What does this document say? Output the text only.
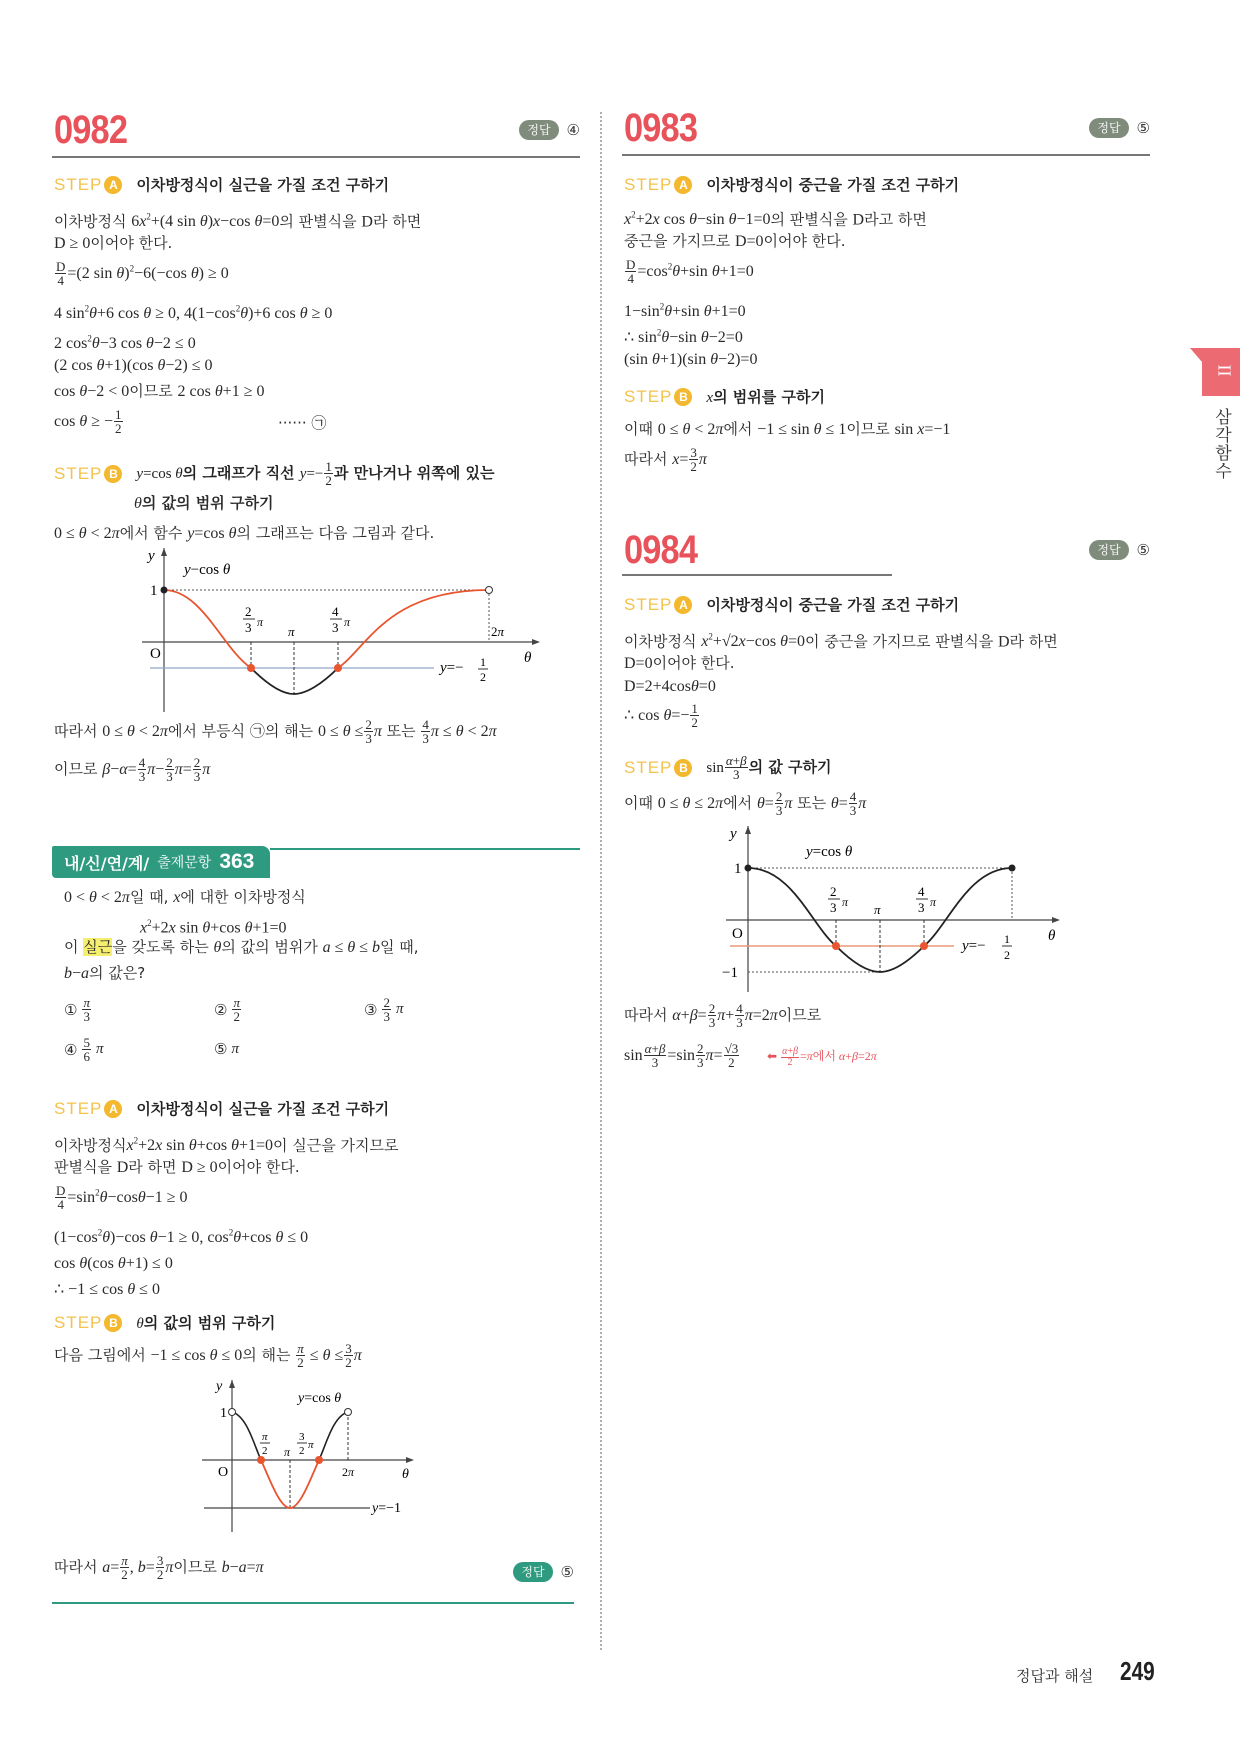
0982	정답	④
STEP A	이차방정식이 실근을 가질 조건 구하기
이차방정식 $6x^2+(4$ sin θ)x−cos θ=0의 판별식을 D라 하면
D ≥ 0이어야 한다.
$\frac{D}{4} =(2$ sin θ)$^2$−6(−cos θ) ≥ 0
4 $\sin^2\theta+6$ cos θ ≥ 0, $4(1-\cos^2\theta)+6$ cos θ ≥ 0
2 $\cos^2\theta-3$ cos θ−2 ≤ 0
(2 cos θ+1)(cos θ−2) ≤ 0
cos θ−2 < 0이므로 2 cos θ+1 ≥ 0
cos θ ≥ − $\frac{1}{2}$	······ ㉠
STEP B	y=cos θ의 그래프가 직선 $y=- \frac{1}{2}$ 과 만나거나 위쪽에 있는
θ의 값의 범위 구하기
0 ≤ θ < 2π에서 함수 y=cos θ의 그래프는 다음 그림과 같다.
y
y−cos θ
1
O	θ
2
3 π
π
4
3 π
2π
y=− 1
2
따라서 0 ≤ θ < 2π에서 부등식 ㉠의 해는 $0 \le \theta \le \frac{2}{3}$ π 또는 $\frac{4}{3}$ π ≤ θ < 2π
이므로 $\beta-\alpha= \frac{4}{3} \pi- \frac{2}{3} \pi= \frac{2}{3}$ π
내/신/연/계/ 출제문항 363
0 < θ < 2π일 때, x에 대한 이차방정식
$x^2+2x$ sin θ+cos θ+1=0
이 실근을 갖도록 하는 θ의 값의 범위가 a ≤ θ ≤ b일 때,
b−a의 값은?
① $\frac{\pi}{3}$	② $\frac{\pi}{2}$	③ $\frac{2}{3}$ π
④ $\frac{5}{6}$ π	⑤ π
STEP A	이차방정식이 실근을 가질 조건 구하기
이차방정식$x^2+2x$ sin θ+cos θ+1=0이 실근을 가지므로
판별식을 D라 하면 D ≥ 0이어야 한다.
$\frac{D}{4} =\sin^2\theta-\cos\theta-1 \ge 0$
$(1-\cos^2\theta)-\cos$ θ−1 ≥ 0, $\cos^2\theta+\cos$ θ ≤ 0
cos θ(cos θ+1) ≤ 0
∴ −1 ≤ cos θ ≤ 0
STEP B	θ의 값의 범위 구하기
다음 그림에서 −1 ≤ cos θ ≤ 0의 해는 $\frac{\pi}{2} \le \theta \le \frac{3}{2}$ π
y
y=cos θ
1
O	θ
π
2 π
3
2 π
2π
y=−1
따라서 $a= \frac{\pi}{2}$ , $b= \frac{3}{2}$ π이므로 b−a=π	정답	⑤
0983	정답	⑤
STEP A	이차방정식이 중근을 가질 조건 구하기
$x^2+2x$ cos θ−sin θ−1=0의 판별식을 D라고 하면
중근을 가지므로 D=0이어야 한다.
$\frac{D}{4} =\cos^2\theta+\sin$ θ+1=0
$1-\sin^2\theta+\sin$ θ+1=0
∴ $\sin^2\theta-\sin$ θ−2=0
(sin θ+1)(sin θ−2)=0
STEP B	x의 범위를 구하기
이때 0 ≤ θ < 2π에서 −1 ≤ sin θ ≤ 1이므로 sin x=−1
따라서 $x= \frac{3}{2}$ π
0984	정답	⑤
STEP A	이차방정식이 중근을 가질 조건 구하기
이차방정식 $x^2+√2x-\cos$ θ=0이 중근을 가지므로 판별식을 D라 하면
D=0이어야 한다.
D=2+4cosθ=0
∴ $\cos \theta=- \frac{1}{2}$
STEP B	$\sin \frac{\alpha+\beta}{3}$ 의 값 구하기
이때 0 ≤ θ ≤ 2π에서 $\theta= \frac{2}{3}$ π 또는 $\theta= \frac{4}{3}$ π
y
y=cos θ
1
O
−1
θ
2
3 π π
4
3 π
y=− 1
2
따라서 $\alpha+\beta= \frac{2}{3} \pi+ \frac{4}{3} \pi=2\pi$이므로
$\sin \frac{\alpha+\beta}{3} =\sin \frac{2}{3} \pi= \frac{√3}{2}$ ⬅ $\frac{\alpha+\beta}{2} =\pi$에서 α+β=2π
II
삼각함수
정답과 해설 249
